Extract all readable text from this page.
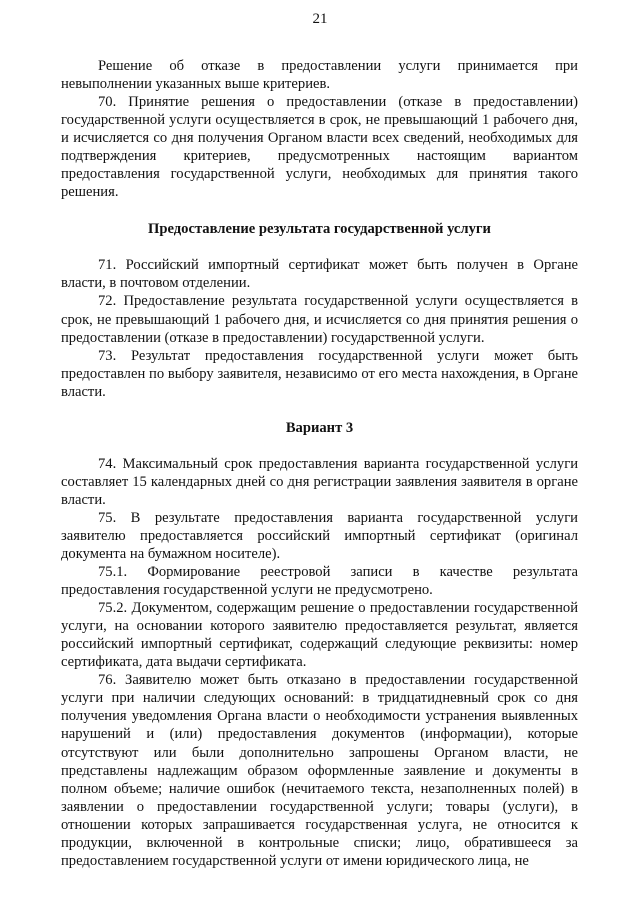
21

Решение об отказе в предоставлении услуги принимается при невыполнении указанных выше критериев.

70. Принятие решения о предоставлении (отказе в предоставлении) государственной услуги осуществляется в срок, не превышающий 1 рабочего дня, и исчисляется со дня получения Органом власти всех сведений, необходимых для подтверждения критериев, предусмотренных настоящим вариантом предоставления государственной услуги, необходимых для принятия такого решения.

Предоставление результата государственной услуги

71. Российский импортный сертификат может быть получен в Органе власти, в почтовом отделении.

72. Предоставление результата государственной услуги осуществляется в срок, не превышающий 1 рабочего дня, и исчисляется со дня принятия решения о предоставлении (отказе в предоставлении) государственной услуги.

73. Результат предоставления государственной услуги может быть предоставлен по выбору заявителя, независимо от его места нахождения, в Органе власти.

Вариант 3

74. Максимальный срок предоставления варианта государственной услуги составляет 15 календарных дней со дня регистрации заявления заявителя в органе власти.

75. В результате предоставления варианта государственной услуги заявителю предоставляется российский импортный сертификат (оригинал документа на бумажном носителе).

75.1. Формирование реестровой записи в качестве результата предоставления государственной услуги не предусмотрено.

75.2. Документом, содержащим решение о предоставлении государственной услуги, на основании которого заявителю предоставляется результат, является российский импортный сертификат, содержащий следующие реквизиты: номер сертификата, дата выдачи сертификата.

76. Заявителю может быть отказано в предоставлении государственной услуги при наличии следующих оснований: в тридцатидневный срок со дня получения уведомления Органа власти о необходимости устранения выявленных нарушений и (или) предоставления документов (информации), которые отсутствуют или были дополнительно запрошены Органом власти, не представлены надлежащим образом оформленные заявление и документы в полном объеме; наличие ошибок (нечитаемого текста, незаполненных полей) в заявлении о предоставлении государственной услуги; товары (услуги), в отношении которых запрашивается государственная услуга, не относится к продукции, включенной в контрольные списки; лицо, обратившееся за предоставлением государственной услуги от имени юридического лица, не
